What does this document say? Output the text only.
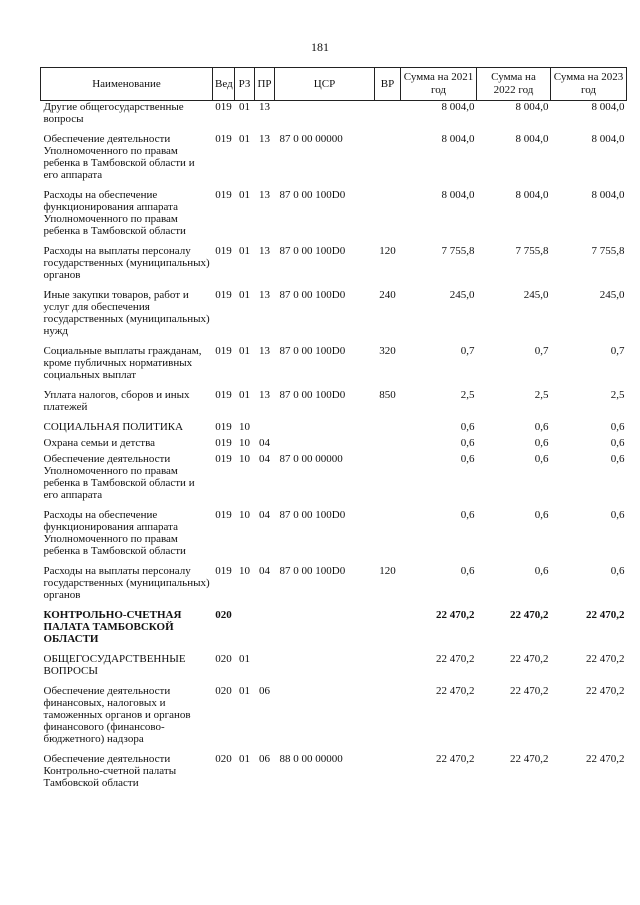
181
Наименование	Вед	РЗ	ПР	ЦСР	ВР	Сумма на 2021 год	Сумма на 2022 год	Сумма на 2023 год
Другие общегосударственные вопросы	019	01	13			8 004,0	8 004,0	8 004,0
Обеспечение деятельности Уполномоченного по правам ребенка в Тамбовской области и его аппарата	019	01	13	87 0 00 00000		8 004,0	8 004,0	8 004,0
Расходы на обеспечение функционирования аппарата Уполномоченного по правам ребенка в Тамбовской области	019	01	13	87 0 00 100D0		8 004,0	8 004,0	8 004,0
Расходы на выплаты персоналу государственных (муниципальных) органов	019	01	13	87 0 00 100D0	120	7 755,8	7 755,8	7 755,8
Иные закупки товаров, работ и услуг для обеспечения государственных (муниципальных) нужд	019	01	13	87 0 00 100D0	240	245,0	245,0	245,0
Социальные выплаты гражданам, кроме публичных нормативных социальных выплат	019	01	13	87 0 00 100D0	320	0,7	0,7	0,7
Уплата налогов, сборов и иных платежей	019	01	13	87 0 00 100D0	850	2,5	2,5	2,5
СОЦИАЛЬНАЯ ПОЛИТИКА	019	10				0,6	0,6	0,6
Охрана семьи и детства	019	10	04			0,6	0,6	0,6
Обеспечение деятельности Уполномоченного по правам ребенка в Тамбовской области и его аппарата	019	10	04	87 0 00 00000		0,6	0,6	0,6
Расходы на обеспечение функционирования аппарата Уполномоченного по правам ребенка в Тамбовской области	019	10	04	87 0 00 100D0		0,6	0,6	0,6
Расходы на выплаты персоналу государственных (муниципальных) органов	019	10	04	87 0 00 100D0	120	0,6	0,6	0,6
КОНТРОЛЬНО-СЧЕТНАЯ ПАЛАТА ТАМБОВСКОЙ ОБЛАСТИ	020					22 470,2	22 470,2	22 470,2
ОБЩЕГОСУДАРСТВЕННЫЕ ВОПРОСЫ	020	01				22 470,2	22 470,2	22 470,2
Обеспечение деятельности финансовых, налоговых и таможенных органов и органов финансового (финансово-бюджетного) надзора	020	01	06			22 470,2	22 470,2	22 470,2
Обеспечение деятельности Контрольно-счетной палаты Тамбовской области	020	01	06	88 0 00 00000		22 470,2	22 470,2	22 470,2
